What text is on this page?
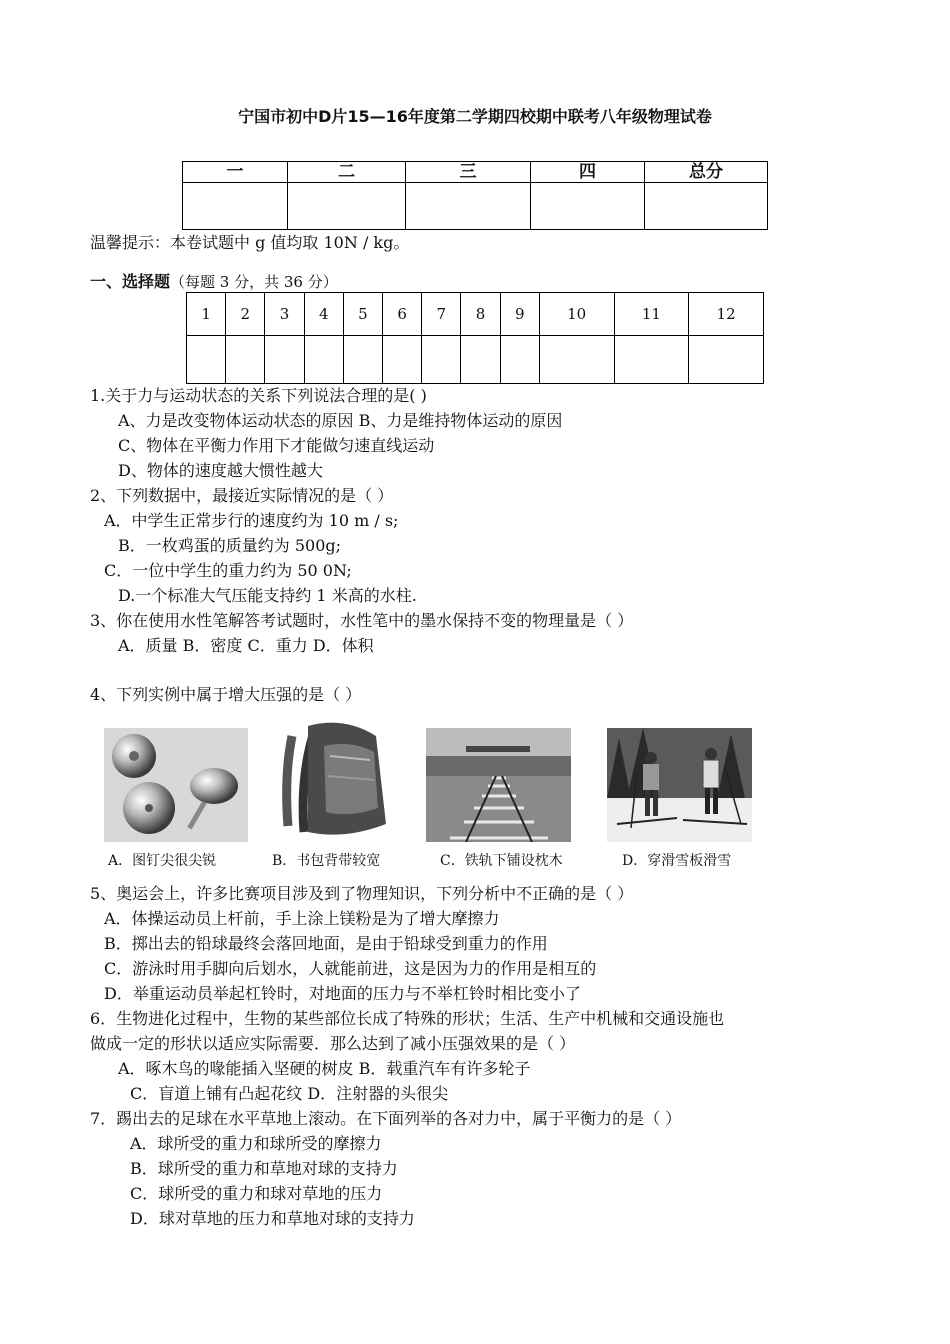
宁国市初中D片15—16年度第二学期四校期中联考八年级物理试卷
一	二	三	四	总分

温馨提示：本卷试题中 g 值均取 10N / kg。
一、选择题（每题 3 分，共 36 分）
1	2	3	4	5	6	7	8	9	10	11	12

1.关于力与运动状态的关系下列说法合理的是( )
A、力是改变物体运动状态的原因 B、力是维持物体运动的原因
C、物体在平衡力作用下才能做匀速直线运动
D、物体的速度越大惯性越大
2、下列数据中，最接近实际情况的是（ ）
A．中学生正常步行的速度约为 10 m / s;
B．一枚鸡蛋的质量约为 500g;
C．一位中学生的重力约为 50 0N;
D.一个标准大气压能支持约 1 米高的水柱.
3、你在使用水性笔解答考试题时，水性笔中的墨水保持不变的物理量是（ ）
A．质量 B．密度 C．重力 D．体积
4、下列实例中属于增大压强的是（ ）
A．图钉尖很尖锐	B．书包背带较宽	C．铁轨下铺设枕木	D．穿滑雪板滑雪
5、奥运会上，许多比赛项目涉及到了物理知识，下列分析中不正确的是（ ）
A．体操运动员上杆前，手上涂上镁粉是为了增大摩擦力
B．掷出去的铅球最终会落回地面，是由于铅球受到重力的作用
C．游泳时用手脚向后划水，人就能前进，这是因为力的作用是相互的
D．举重运动员举起杠铃时，对地面的压力与不举杠铃时相比变小了
6．生物进化过程中，生物的某些部位长成了特殊的形状；生活、生产中机械和交通设施也
做成一定的形状以适应实际需要．那么达到了减小压强效果的是（ ）
A．啄木鸟的喙能插入坚硬的树皮 B．载重汽车有许多轮子
C．盲道上铺有凸起花纹 D．注射器的头很尖
7．踢出去的足球在水平草地上滚动。在下面列举的各对力中，属于平衡力的是（ ）
A．球所受的重力和球所受的摩擦力
B．球所受的重力和草地对球的支持力
C．球所受的重力和球对草地的压力
D．球对草地的压力和草地对球的支持力
